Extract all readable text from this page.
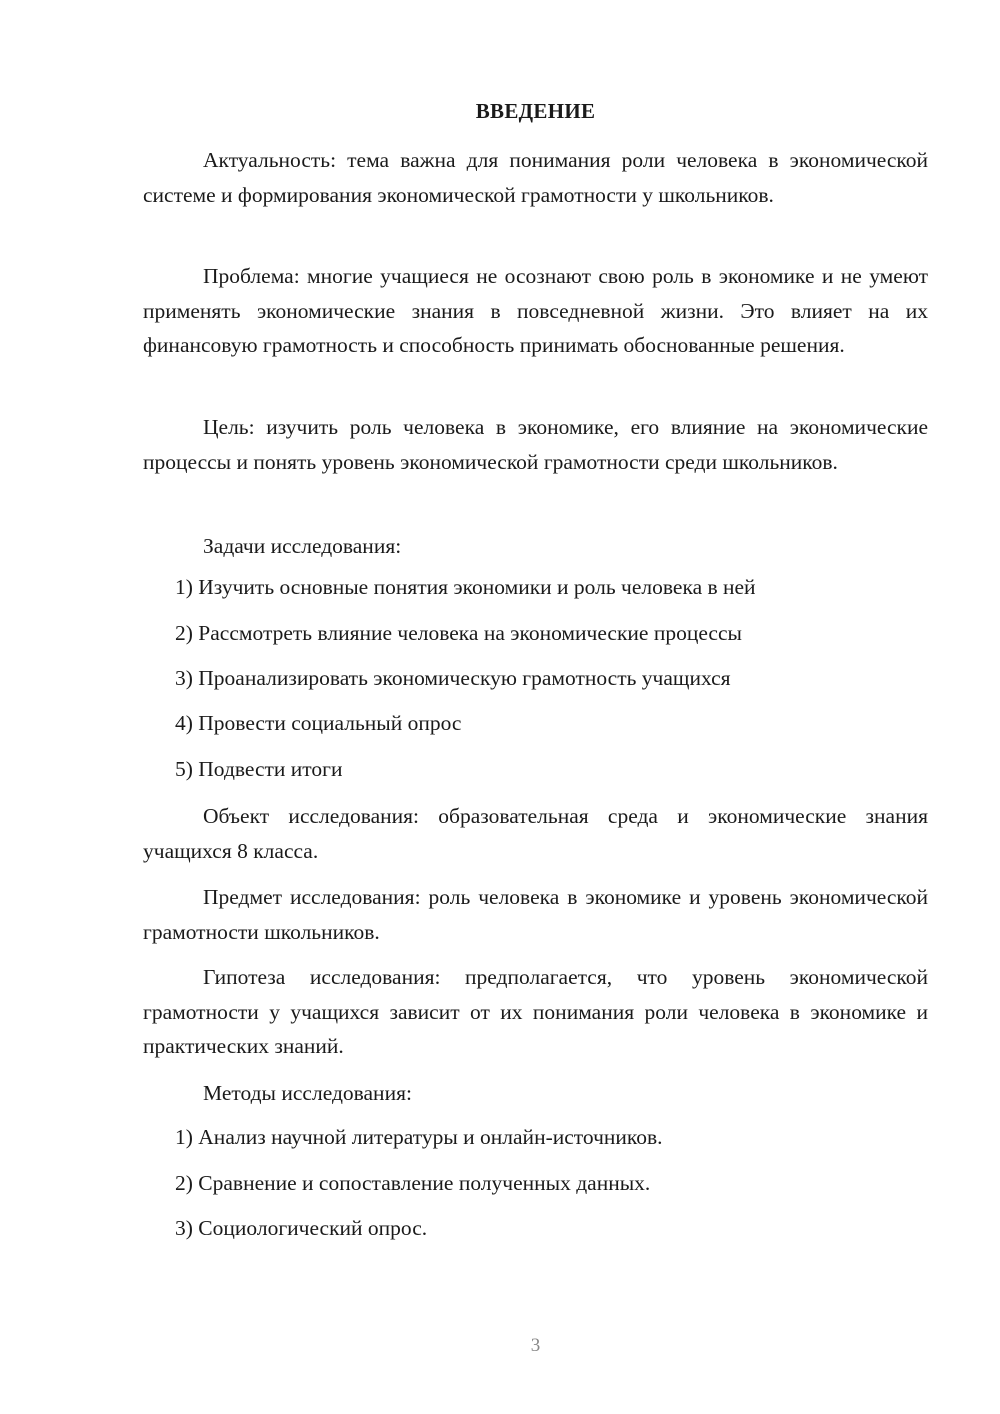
ВВЕДЕНИЕ

Актуальность: тема важна для понимания роли человека в экономической системе и формирования экономической грамотности у школьников.

Проблема: многие учащиеся не осознают свою роль в экономике и не умеют применять экономические знания в повседневной жизни. Это влияет на их финансовую грамотность и способность принимать обоснованные решения.

Цель: изучить роль человека в экономике, его влияние на экономические процессы и понять уровень экономической грамотности среди школьников.

Задачи исследования:

1) Изучить основные понятия экономики и роль человека в ней

2) Рассмотреть влияние человека на экономические процессы

3) Проанализировать экономическую грамотность учащихся

4) Провести социальный опрос

5) Подвести итоги

Объект исследования: образовательная среда и экономические знания учащихся 8 класса.

Предмет исследования: роль человека в экономике и уровень экономической грамотности школьников.

Гипотеза исследования: предполагается, что уровень экономической грамотности у учащихся зависит от их понимания роли человека в экономике и практических знаний.

Методы исследования:

1) Анализ научной литературы и онлайн-источников.

2) Сравнение и сопоставление полученных данных.

3) Социологический опрос.

3
